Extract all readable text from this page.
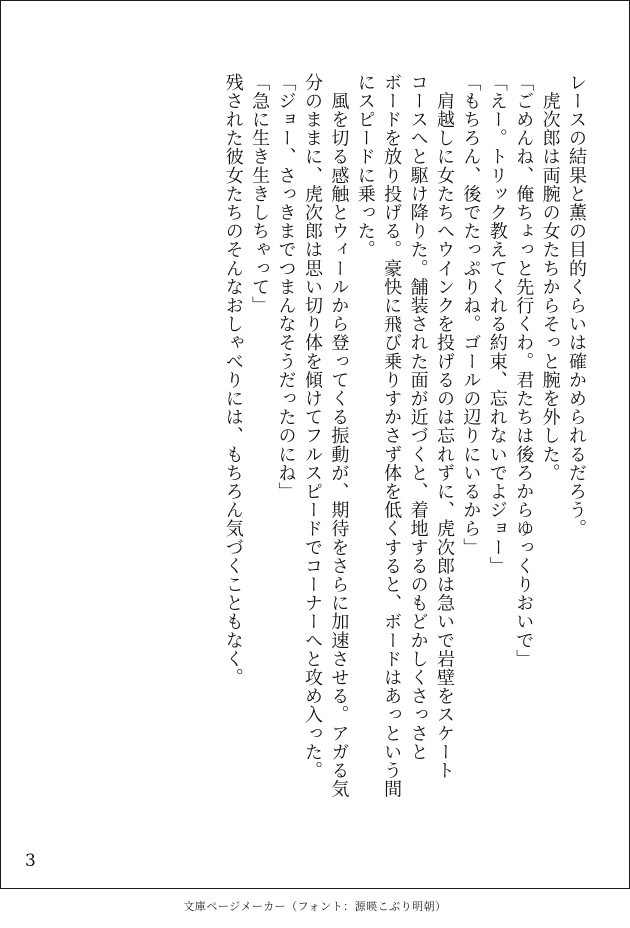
レースの結果と薫の目的くらいは確かめられるだろう。

　虎次郎は両腕の女たちからそっと腕を外した。

「ごめんね、俺ちょっと先行くわ。君たちは後ろからゆっくりおいで」

「えー。トリック教えてくれる約束、忘れないでよジョー」

「もちろん、後でたっぷりね。ゴールの辺りにいるから」

　肩越しに女たちへウインクを投げるのは忘れずに、虎次郎は急いで岩壁をスケート

コースへと駆け降りた。舗装された面が近づくと、着地するのもどかしくさっさと

ボードを放り投げる。豪快に飛び乗りすかさず体を低くすると、ボードはあっという間

にスピードに乗った。

　風を切る感触とウィールから登ってくる振動が、期待をさらに加速させる。アガる気

分のままに、虎次郎は思い切り体を傾けてフルスピードでコーナーへと攻め入った。

「ジョー、さっきまでつまんなそうだったのにね」

「急に生き生きしちゃって」

残された彼女たちのそんなおしゃべりには、もちろん気づくこともなく。

3
文庫ページメーカー（フォント：源暎こぶり明朝）
